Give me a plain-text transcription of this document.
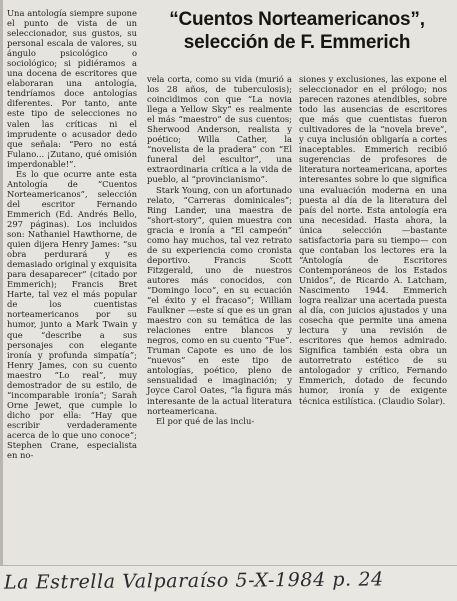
Una antología siempre supone el punto de vista de un seleccionador, sus gustos, su personal escala de valores, su ángulo psicológico o sociológico; si pidiéramos a una docena de escritores que elaboraran una antología, tendríamos doce antologías diferentes. Por tanto, ante este tipo de selecciones no valen las críticas ni el imprudente o acusador dedo que señala: “Pero no está Fulano... ¡Zutano, qué omisión imperdonable!”.

Es lo que ocurre ante esta Antología de “Cuentos Norteamericanos”, selección del escritor Fernando Emmerich (Ed. Andrés Bello, 297 páginas). Los incluidos son: Nathaniel Hawthorne, de quien dijera Henry James: “su obra perdurará y es demasiado original y exquisita para desaparecer” (citado por Emmerich); Francis Bret Harte, tal vez el más popular de los cuentistas norteamericanos por su humor, junto a Mark Twain y que “describe a sus personajes con elegante ironía y profunda simpatía”; Henry James, con su cuento maestro “Lo real”, muy demostrador de su estilo, de “incomparable ironía”; Sarah Orne Jewet, que cumple lo dicho por ella: “Hay que escribir verdaderamente acerca de lo que uno conoce”; Stephen Crane, especialista en no-

“Cuentos Norteamericanos”,
selección de F. Emmerich

vela corta, como su vida (murió a los 28 años, de tuberculosis); coincidimos con que “La novia llega a Yellow Sky” es realmente el más “maestro” de sus cuentos; Sherwood Anderson, realista y poético; Willa Cather, la “novelista de la pradera” con “El funeral del escultor”, una extraordinaria crítica a la vida de pueblo, al “provincianismo”.

Stark Young, con un afortunado relato, “Carreras dominicales”; Ring Lander, una maestra de “short-story”, quien muestra con gracia e ironía a “El campeón” como hay muchos, tal vez retrato de su experiencia como cronista deportivo. Francis Scott Fitzgerald, uno de nuestros autores más conocidos, con “Domingo loco”, en su ecuación “el éxito y el fracaso”; William Faulkner —este sí que es un gran maestro con su temática de las relaciones entre blancos y negros, como en su cuento “Fue”. Truman Capote es uno de los “nuevos” en este tipo de antologías, poético, pleno de sensualidad e imaginación; y Joyce Carol Oates, “la figura más interesante de la actual literatura norteamericana.

El por qué de las inclu-

siones y exclusiones, las expone el seleccionador en el prólogo; nos parecen razones atendibles, sobre todo las ausencias de escritores que más que cuentistas fueron cultivadores de la “novela breve”, y cuya inclusión obligaría a cortes inaceptables. Emmerich recibió sugerencias de profesores de literatura norteamericana, aportes interesantes sobre lo que significa una evaluación moderna en una puesta al día de la literatura del país del norte. Esta antología era una necesidad. Hasta ahora, la única selección —bastante satisfactoria para su tiempo— con que contaban los lectores era la “Antología de Escritores Contemporáneos de los Estados Unidos”, de Ricardo A. Latcham, Nascimento 1944. Emmerich logra realizar una acertada puesta al día, con juicios ajustados y una cosecha que permite una amena lectura y una revisión de escritores que hemos admirado. Significa también esta obra un autorretrato estético de su antologador y crítico, Fernando Emmerich, dotado de fecundo humor, ironía y de exigente técnica estilística. (Claudio Solar).

La Estrella Valparaíso 5-X-1984 p. 24
